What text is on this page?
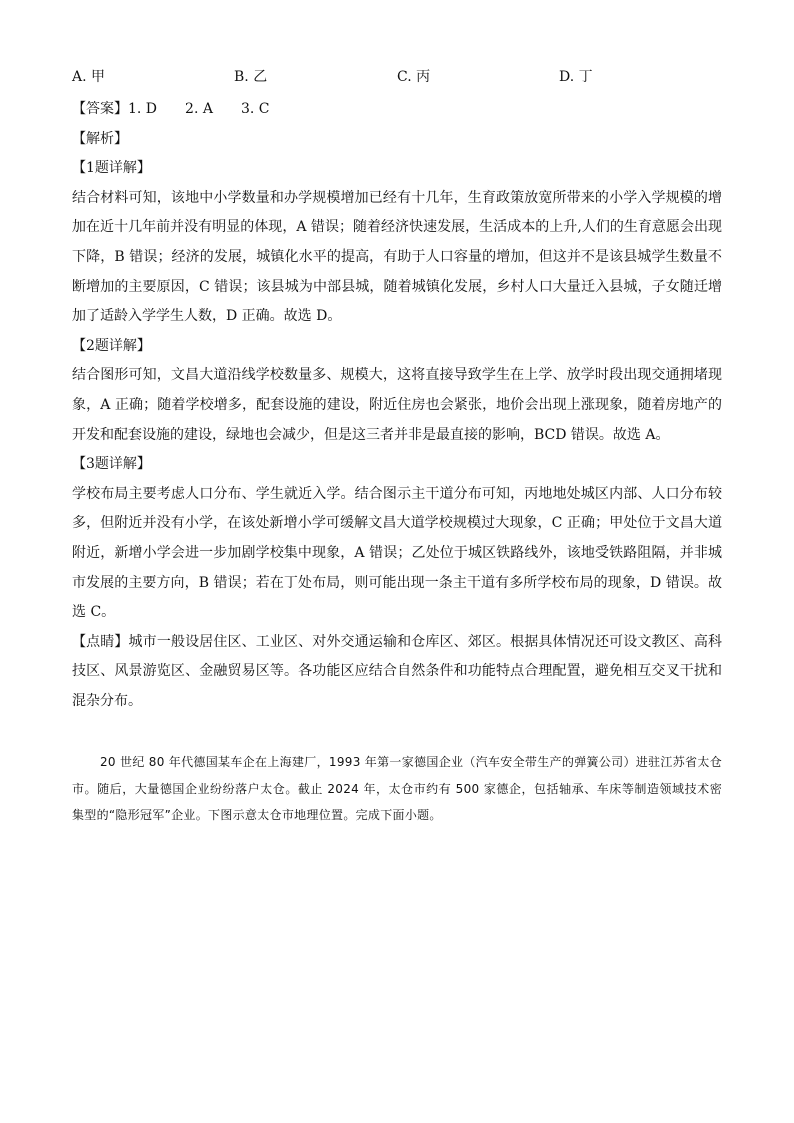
A. 甲	B. 乙	C. 丙	D. 丁

【答案】1. D　　2. A　　3. C

【解析】

【1题详解】

结合材料可知，该地中小学数量和办学规模增加已经有十几年，生育政策放宽所带来的小学入学规模的增加在近十几年前并没有明显的体现，A 错误；随着经济快速发展，生活成本的上升,人们的生育意愿会出现下降，B 错误；经济的发展，城镇化水平的提高，有助于人口容量的增加，但这并不是该县城学生数量不断增加的主要原因，C 错误；该县城为中部县城，随着城镇化发展，乡村人口大量迁入县城，子女随迁增加了适龄入学学生人数，D 正确。故选 D。

【2题详解】

结合图形可知，文昌大道沿线学校数量多、规模大，这将直接导致学生在上学、放学时段出现交通拥堵现象，A 正确；随着学校增多，配套设施的建设，附近住房也会紧张，地价会出现上涨现象，随着房地产的开发和配套设施的建设，绿地也会减少，但是这三者并非是最直接的影响，BCD 错误。故选 A。

【3题详解】

学校布局主要考虑人口分布、学生就近入学。结合图示主干道分布可知，丙地地处城区内部、人口分布较多，但附近并没有小学，在该处新增小学可缓解文昌大道学校规模过大现象，C 正确；甲处位于文昌大道附近，新增小学会进一步加剧学校集中现象，A 错误；乙处位于城区铁路线外，该地受铁路阻隔，并非城市发展的主要方向，B 错误；若在丁处布局，则可能出现一条主干道有多所学校布局的现象，D 错误。故选 C。

【点睛】城市一般设居住区、工业区、对外交通运输和仓库区、郊区。根据具体情况还可设文教区、高科技区、风景游览区、金融贸易区等。各功能区应结合自然条件和功能特点合理配置，避免相互交叉干扰和混杂分布。

20 世纪 80 年代德国某车企在上海建厂，1993 年第一家德国企业（汽车安全带生产的弹簧公司）进驻江苏省太仓市。随后，大量德国企业纷纷落户太仓。截止 2024 年，太仓市约有 500 家德企，包括轴承、车床等制造领域技术密集型的“隐形冠军”企业。下图示意太仓市地理位置。完成下面小题。
